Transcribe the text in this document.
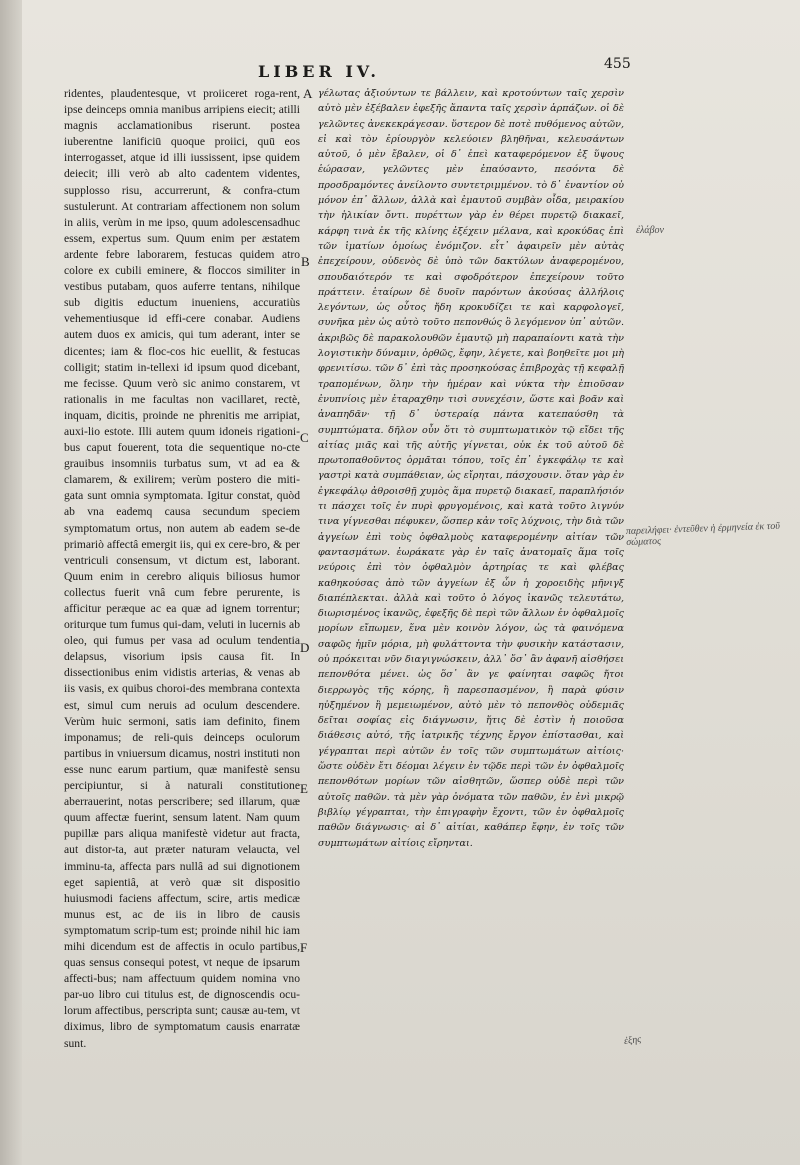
LIBER IV.	455

ridentes, plaudentesque, vt proiiceret roga-rent, ipse deinceps omnia manibus arripiens eiecit; atilli magnis acclamationibus riserunt. postea iuberentne lanificiū quoque proiici, quū eos interrogasset, atque id illi iussissent, ipse quidem deiecit; illi verò ab alto cadentem videntes, supplosso risu, accurrerunt, & confra-ctum sustulerunt. At contrariam affectionem non solum in aliis, verùm in me ipso, quum adolescensadhuc essem, expertus sum. Quum enim per æstatem ardente febre laborarem, festucas quidem atro colore ex cubili eminere, & floccos similiter in vestibus putabam, quos auferre tentans, nihilque sub digitis eductum inueniens, accuratiùs vehementiusque id effi-cere conabar. Audiens autem duos ex amicis, qui tum aderant, inter se dicentes; iam & floc-cos hic euellit, & festucas colligit; statim in-tellexi id ipsum quod dicebant, me fecisse. Quum verò sic animo constarem, vt rationalis in me facultas non vacillaret, rectè, inquam, dicitis, proinde ne phrenitis me arripiat, auxi-lio estote. Illi autem quum idoneis rigationi-bus caput fouerent, tota die sequentique no-cte grauibus insomniis turbatus sum, vt ad ea & clamarem, & exilirem; verùm postero die miti-gata sunt omnia symptomata. Igitur constat, quòd ab vna eademq causa secundum speciem symptomatum ortus, non autem ab eadem se-de primariò affectâ emergit iis, qui ex cere-bro, & per ventriculi consensum, vt dictum est, laborant. Quum enim in cerebro aliquis biliosus humor collectus fuerit vnâ cum febre perurente, is afficitur peræque ac ea quæ ad ignem torrentur; oriturque tum fumus qui-dam, veluti in lucernis ab oleo, qui fumus per vasa ad oculum tendentia delapsus, visorium ipsis causa fit. In dissectionibus enim vidistis arterias, & venas ab iis vasis, ex quibus choroi-des membrana contexta est, simul cum neruis ad oculum descendere. Verùm huic sermoni, satis iam definito, finem imponamus; de reli-quis deinceps oculorum partibus in vniuersum dicamus, nostri instituti non esse nunc earum partium, quæ manifestè sensu percipiuntur, si à naturali constitutione aberrauerint, notas perscribere; sed illarum, quæ quum affectæ fuerint, sensum latent. Nam quum pupillæ pars aliqua manifestè videtur aut fracta, aut distor-ta, aut præter naturam velaucta, vel imminu-ta, affecta pars nullâ ad sui dignotionem eget sapientiâ, at verò quæ sit dispositio huiusmodi faciens affectum, scire, artis medicæ munus est, ac de iis in libro de causis symptomatum scrip-tum est; proinde nihil hic iam mihi dicendum est de affectis in oculo partibus, quas sensus consequi potest, vt neque de ipsarum affecti-bus; nam affectuum quidem nomina vno par-uo libro cui titulus est, de dignoscendis ocu-lorum affectibus, perscripta sunt; causæ au-tem, vt diximus, libro de symptomatum causis enarratæ sunt.

A
B
C
D
E
F

γέλωτας ἀξιούντων τε βάλλειν, καὶ κροτούντων ταῖς χερσὶν αὐτὸ μὲν ἐξέβαλεν ἐφεξῆς ἅπαντα ταῖς χερσὶν ἁρπάζων. οἱ δὲ γελῶντες ἀνεκεκράγεσαν. ὕστερον δὲ ποτὲ πυθόμενος αὐτῶν, εἰ καὶ τὸν ἐρίουργὸν κελεύοιεν βληθῆναι, κελευσάντων αὐτοῦ, ὁ μὲν ἔβαλεν, οἱ δ᾽ ἐπεὶ καταφερόμενον ἐξ ὕψους ἑώρασαν, γελῶντες μὲν ἐπαύσαντο, πεσόντα δὲ προσδραμόντες ἀνείλοντο συντετριμμένον. τὸ δ᾽ ἐναντίον οὐ μόνον ἐπ᾽ ἄλλων, ἀλλὰ καὶ ἐμαυτοῦ συμβὰν οἶδα, μειρακίου τὴν ἡλικίαν ὄντι. πυρέττων γὰρ ἐν θέρει πυρετῷ διακαεῖ, κάρφη τινὰ ἐκ τῆς κλίνης ἐξέχειν μέλανα, καὶ κροκύδας ἐπὶ τῶν ἱματίων ὁμοίως ἐνόμιζον. εἶτ᾽ ἀφαιρεῖν μὲν αὐτὰς ἐπεχείρουν, οὐδενὸς δὲ ὑπὸ τῶν δακτύλων ἀναφερομένου, σπουδαιότερόν τε καὶ σφοδρότερον ἐπεχείρουν τοῦτο πράττειν. ἑταίρων δὲ δυοῖν παρόντων ἀκούσας ἀλλήλοις λεγόντων, ὡς οὗτος ἤδη κροκυδίζει τε καὶ καρφολογεῖ, συνῆκα μὲν ὡς αὐτὸ τοῦτο πεπονθώς ὃ λεγόμενον ὑπ᾽ αὐτῶν. ἀκριβῶς δὲ παρακολουθῶν ἐμαυτῷ μὴ παραπαίοντι κατὰ τὴν λογιστικὴν δύναμιν, ὀρθῶς, ἔφην, λέγετε, καὶ βοηθεῖτε μοι μὴ φρενιτίσω. τῶν δ᾽ ἐπὶ τὰς προσηκούσας ἐπιβροχὰς τῇ κεφαλῇ τραπομένων, ὅλην τὴν ἡμέραν καὶ νύκτα τὴν ἐπιοῦσαν ἐνυπνίοις μὲν ἐταραχθην τισὶ συνεχέσιν, ὥστε καὶ βοᾶν καὶ ἀναπηδᾶν· τῇ δ᾽ ὑστεραίᾳ πάντα κατεπαύσθη τὰ συμπτώματα. δῆλον οὖν ὅτι τὸ συμπτωματικὸν τῷ εἴδει τῆς αἰτίας μιᾶς καὶ τῆς αὐτῆς γίγνεται, οὐκ ἐκ τοῦ αὐτοῦ δὲ πρωτοπαθοῦντος ὁρμᾶται τόπου, τοῖς ἐπ᾽ ἐγκεφάλῳ τε καὶ γαστρὶ κατὰ συμπάθειαν, ὡς εἴρηται, πάσχουσιν. ὅταν γὰρ ἐν ἐγκεφάλῳ ἀθροισθῇ χυμὸς ἅμα πυρετῷ διακαεῖ, παραπλήσιόν τι πάσχει τοῖς ἐν πυρὶ φρυγομένοις, καὶ κατὰ τοῦτο λιγνύν τινα γίγνεσθαι πέφυκεν, ὥσπερ κἀν τοῖς λύχνοις, τὴν διὰ τῶν ἀγγείων ἐπὶ τοὺς ὀφθαλμοὺς καταφερομένην αἰτίαν τῶν φαντασμάτων. ἑωράκατε γὰρ ἐν ταῖς ἀνατομαῖς ἅμα τοῖς νεύροις ἐπὶ τὸν ὀφθαλμὸν ἀρτηρίας τε καὶ φλέβας καθηκούσας ἀπὸ τῶν ἀγγείων ἐξ ὧν ἡ χοροειδὴς μῆνιγξ διαπέπλεκται. ἀλλὰ καὶ τοῦτο ὁ λόγος ἱκανῶς τελευτάτω, διωρισμένος ἱκανῶς, ἐφεξῆς δὲ περὶ τῶν ἄλλων ἐν ὀφθαλμοῖς μορίων εἴπωμεν, ἕνα μὲν κοινὸν λόγον, ὡς τὰ φαινόμενα σαφῶς ἡμῖν μόρια, μὴ φυλάττοντα τὴν φυσικὴν κατάστασιν, οὐ πρόκειται νῦν διαγιγνώσκειν, ἀλλ᾽ ὅσ᾽ ἂν ἀφανῆ αἰσθήσει πεπονθότα μένει. ὡς ὅσ᾽ ἂν γε φαίνηται σαφῶς ἤτοι διερρωγὸς τῆς κόρης, ἢ παρεσπασμένον, ἢ παρὰ φύσιν ηὐξημένον ἢ μεμειωμένον, αὐτὸ μὲν τὸ πεπονθὸς οὐδεμιᾶς δεῖται σοφίας εἰς διάγνωσιν, ἥτις δὲ ἐστὶν ἡ ποιοῦσα διάθεσις αὐτό, τῆς ἰατρικῆς τέχνης ἔργον ἐπίστασθαι, καὶ γέγραπται περὶ αὐτῶν ἐν τοῖς τῶν συμπτωμάτων αἰτίοις· ὥστε οὐδὲν ἔτι δέομαι λέγειν ἐν τῷδε περὶ τῶν ἐν ὀφθαλμοῖς πεπονθότων μορίων τῶν αἰσθητῶν, ὥσπερ οὐδὲ περὶ τῶν αὐτοῖς παθῶν. τὰ μὲν γὰρ ὀνόματα τῶν παθῶν, ἐν ἑνὶ μικρῷ βιβλίῳ γέγραπται, τὴν ἐπιγραφὴν ἔχοντι, τῶν ἐν ὀφθαλμοῖς παθῶν διάγνωσις· αἱ δ᾽ αἰτίαι, καθάπερ ἔφην, ἐν τοῖς τῶν συμπτωμάτων αἰτίοις εἴρηνται.

ἐλάβον
παρειλήφει· ἐντεῦθεν ἡ ἐρμηνεία ἐκ τοῦ σώματος
ἐξης
